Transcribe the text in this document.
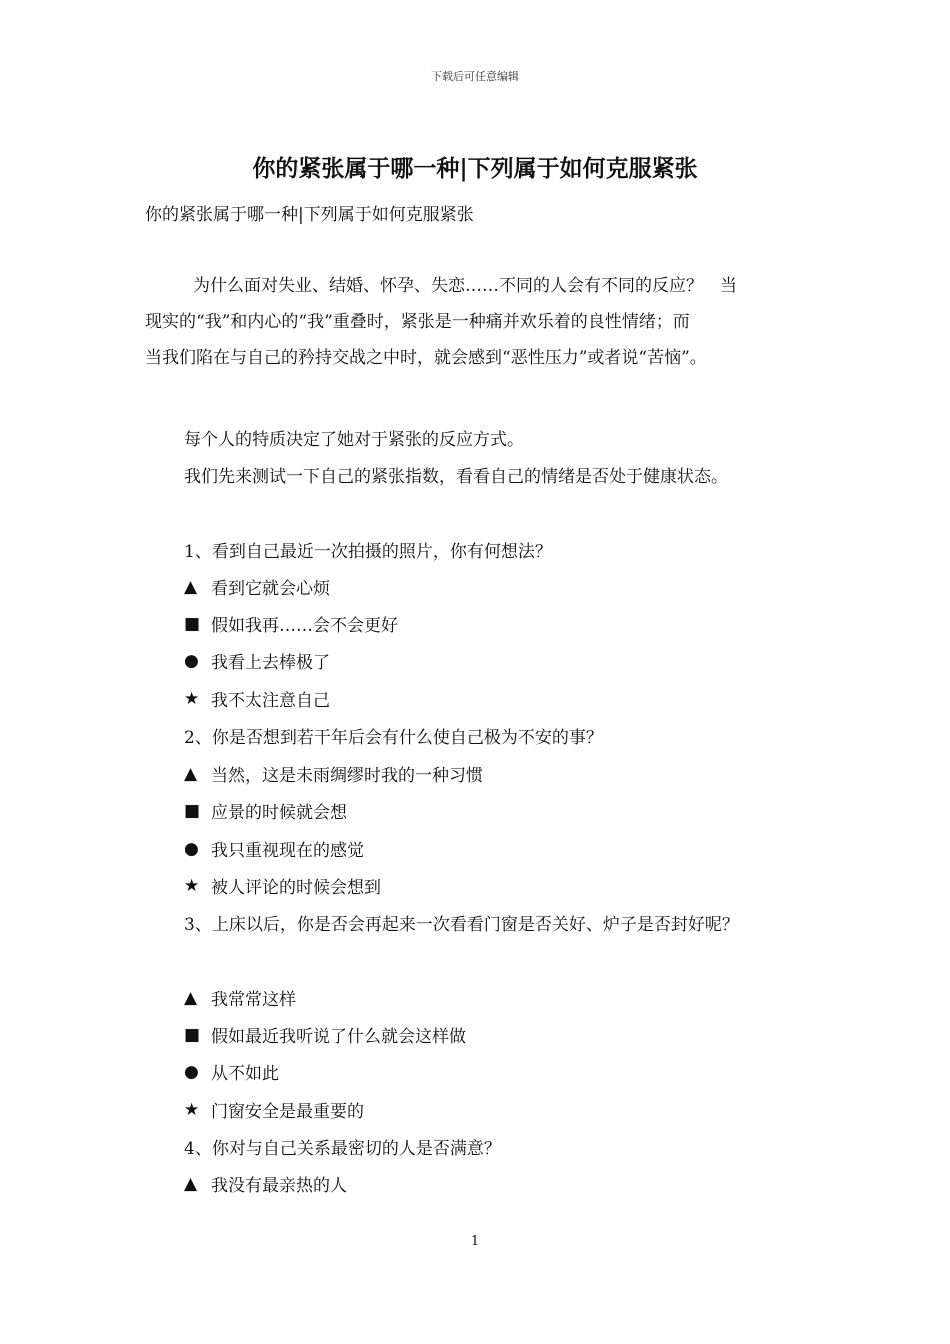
下载后可任意编辑
你的紧张属于哪一种|下列属于如何克服紧张

你的紧张属于哪一种|下列属于如何克服紧张

为什么面对失业、结婚、怀孕、失恋……不同的人会有不同的反应？　当
现实的“我”和内心的“我”重叠时，紧张是一种痛并欢乐着的良性情绪；而
当我们陷在与自己的矜持交战之中时，就会感到“恶性压力”或者说“苦恼”。

每个人的特质决定了她对于紧张的反应方式。

我们先来测试一下自己的紧张指数，看看自己的情绪是否处于健康状态。

1、看到自己最近一次拍摄的照片，你有何想法？

▲ 看到它就会心烦
■ 假如我再……会不会更好
● 我看上去棒极了
★ 我不太注意自己

2、你是否想到若干年后会有什么使自己极为不安的事？

▲ 当然，这是未雨绸缪时我的一种习惯
■ 应景的时候就会想
● 我只重视现在的感觉
★ 被人评论的时候会想到

3、上床以后，你是否会再起来一次看看门窗是否关好、炉子是否封好呢？

▲ 我常常这样
■ 假如最近我听说了什么就会这样做
● 从不如此
★ 门窗安全是最重要的

4、你对与自己关系最密切的人是否满意？

▲ 我没有最亲热的人
1
